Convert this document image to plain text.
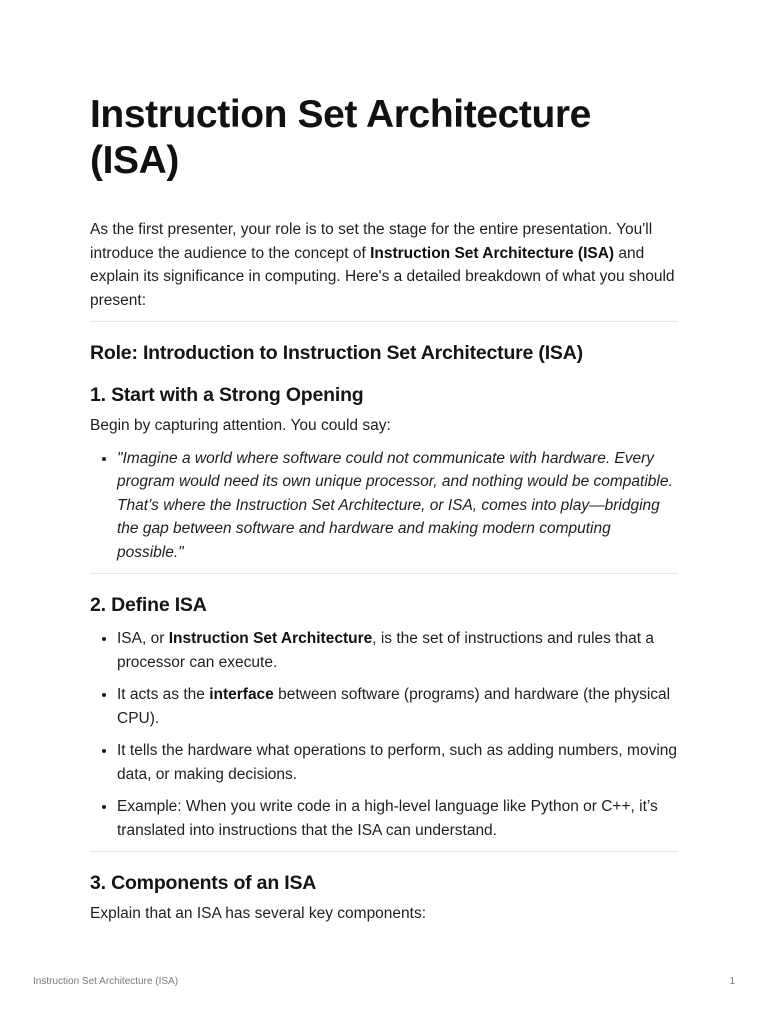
Instruction Set Architecture (ISA)

As the first presenter, your role is to set the stage for the entire presentation. You'll introduce the audience to the concept of Instruction Set Architecture (ISA) and explain its significance in computing. Here's a detailed breakdown of what you should present:

Role: Introduction to Instruction Set Architecture (ISA)
1. Start with a Strong Opening

Begin by capturing attention. You could say:

• "Imagine a world where software could not communicate with hardware. Every program would need its own unique processor, and nothing would be compatible. That’s where the Instruction Set Architecture, or ISA, comes into play—bridging the gap between software and hardware and making modern computing possible."
2. Define ISA
• ISA, or Instruction Set Architecture, is the set of instructions and rules that a processor can execute.
• It acts as the interface between software (programs) and hardware (the physical CPU).
• It tells the hardware what operations to perform, such as adding numbers, moving data, or making decisions.
• Example: When you write code in a high-level language like Python or C++, it’s translated into instructions that the ISA can understand.
3. Components of an ISA

Explain that an ISA has several key components:

Instruction Set Architecture (ISA)	1
